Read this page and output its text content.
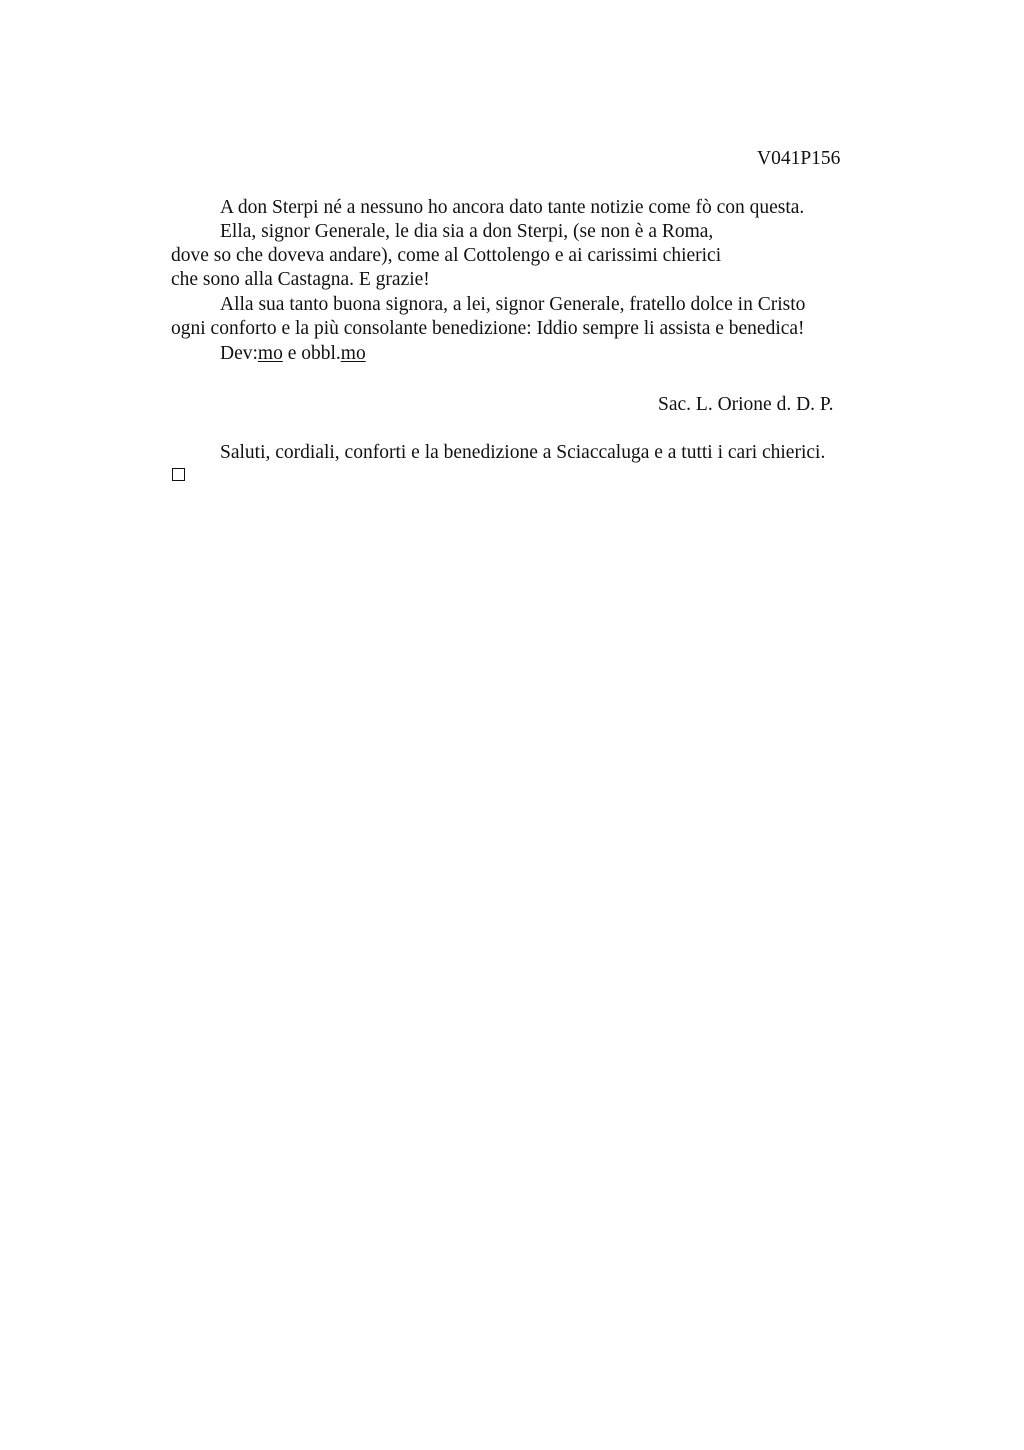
V041P156
A don Sterpi né a nessuno ho ancora dato tante notizie come fò con questa.
Ella, signor Generale, le dia sia a don Sterpi, (se non è a Roma,
dove so che doveva andare), come al Cottolengo e ai carissimi chierici
che sono alla Castagna. E grazie!
Alla sua tanto buona signora, a lei, signor Generale, fratello dolce in Cristo
ogni conforto e la più consolante benedizione: Iddio sempre li assista e benedica!
Dev:mo e obbl.mo
Sac. L. Orione d. D. P.
Saluti, cordiali, conforti e la benedizione a Sciaccaluga e a tutti i cari chierici.
